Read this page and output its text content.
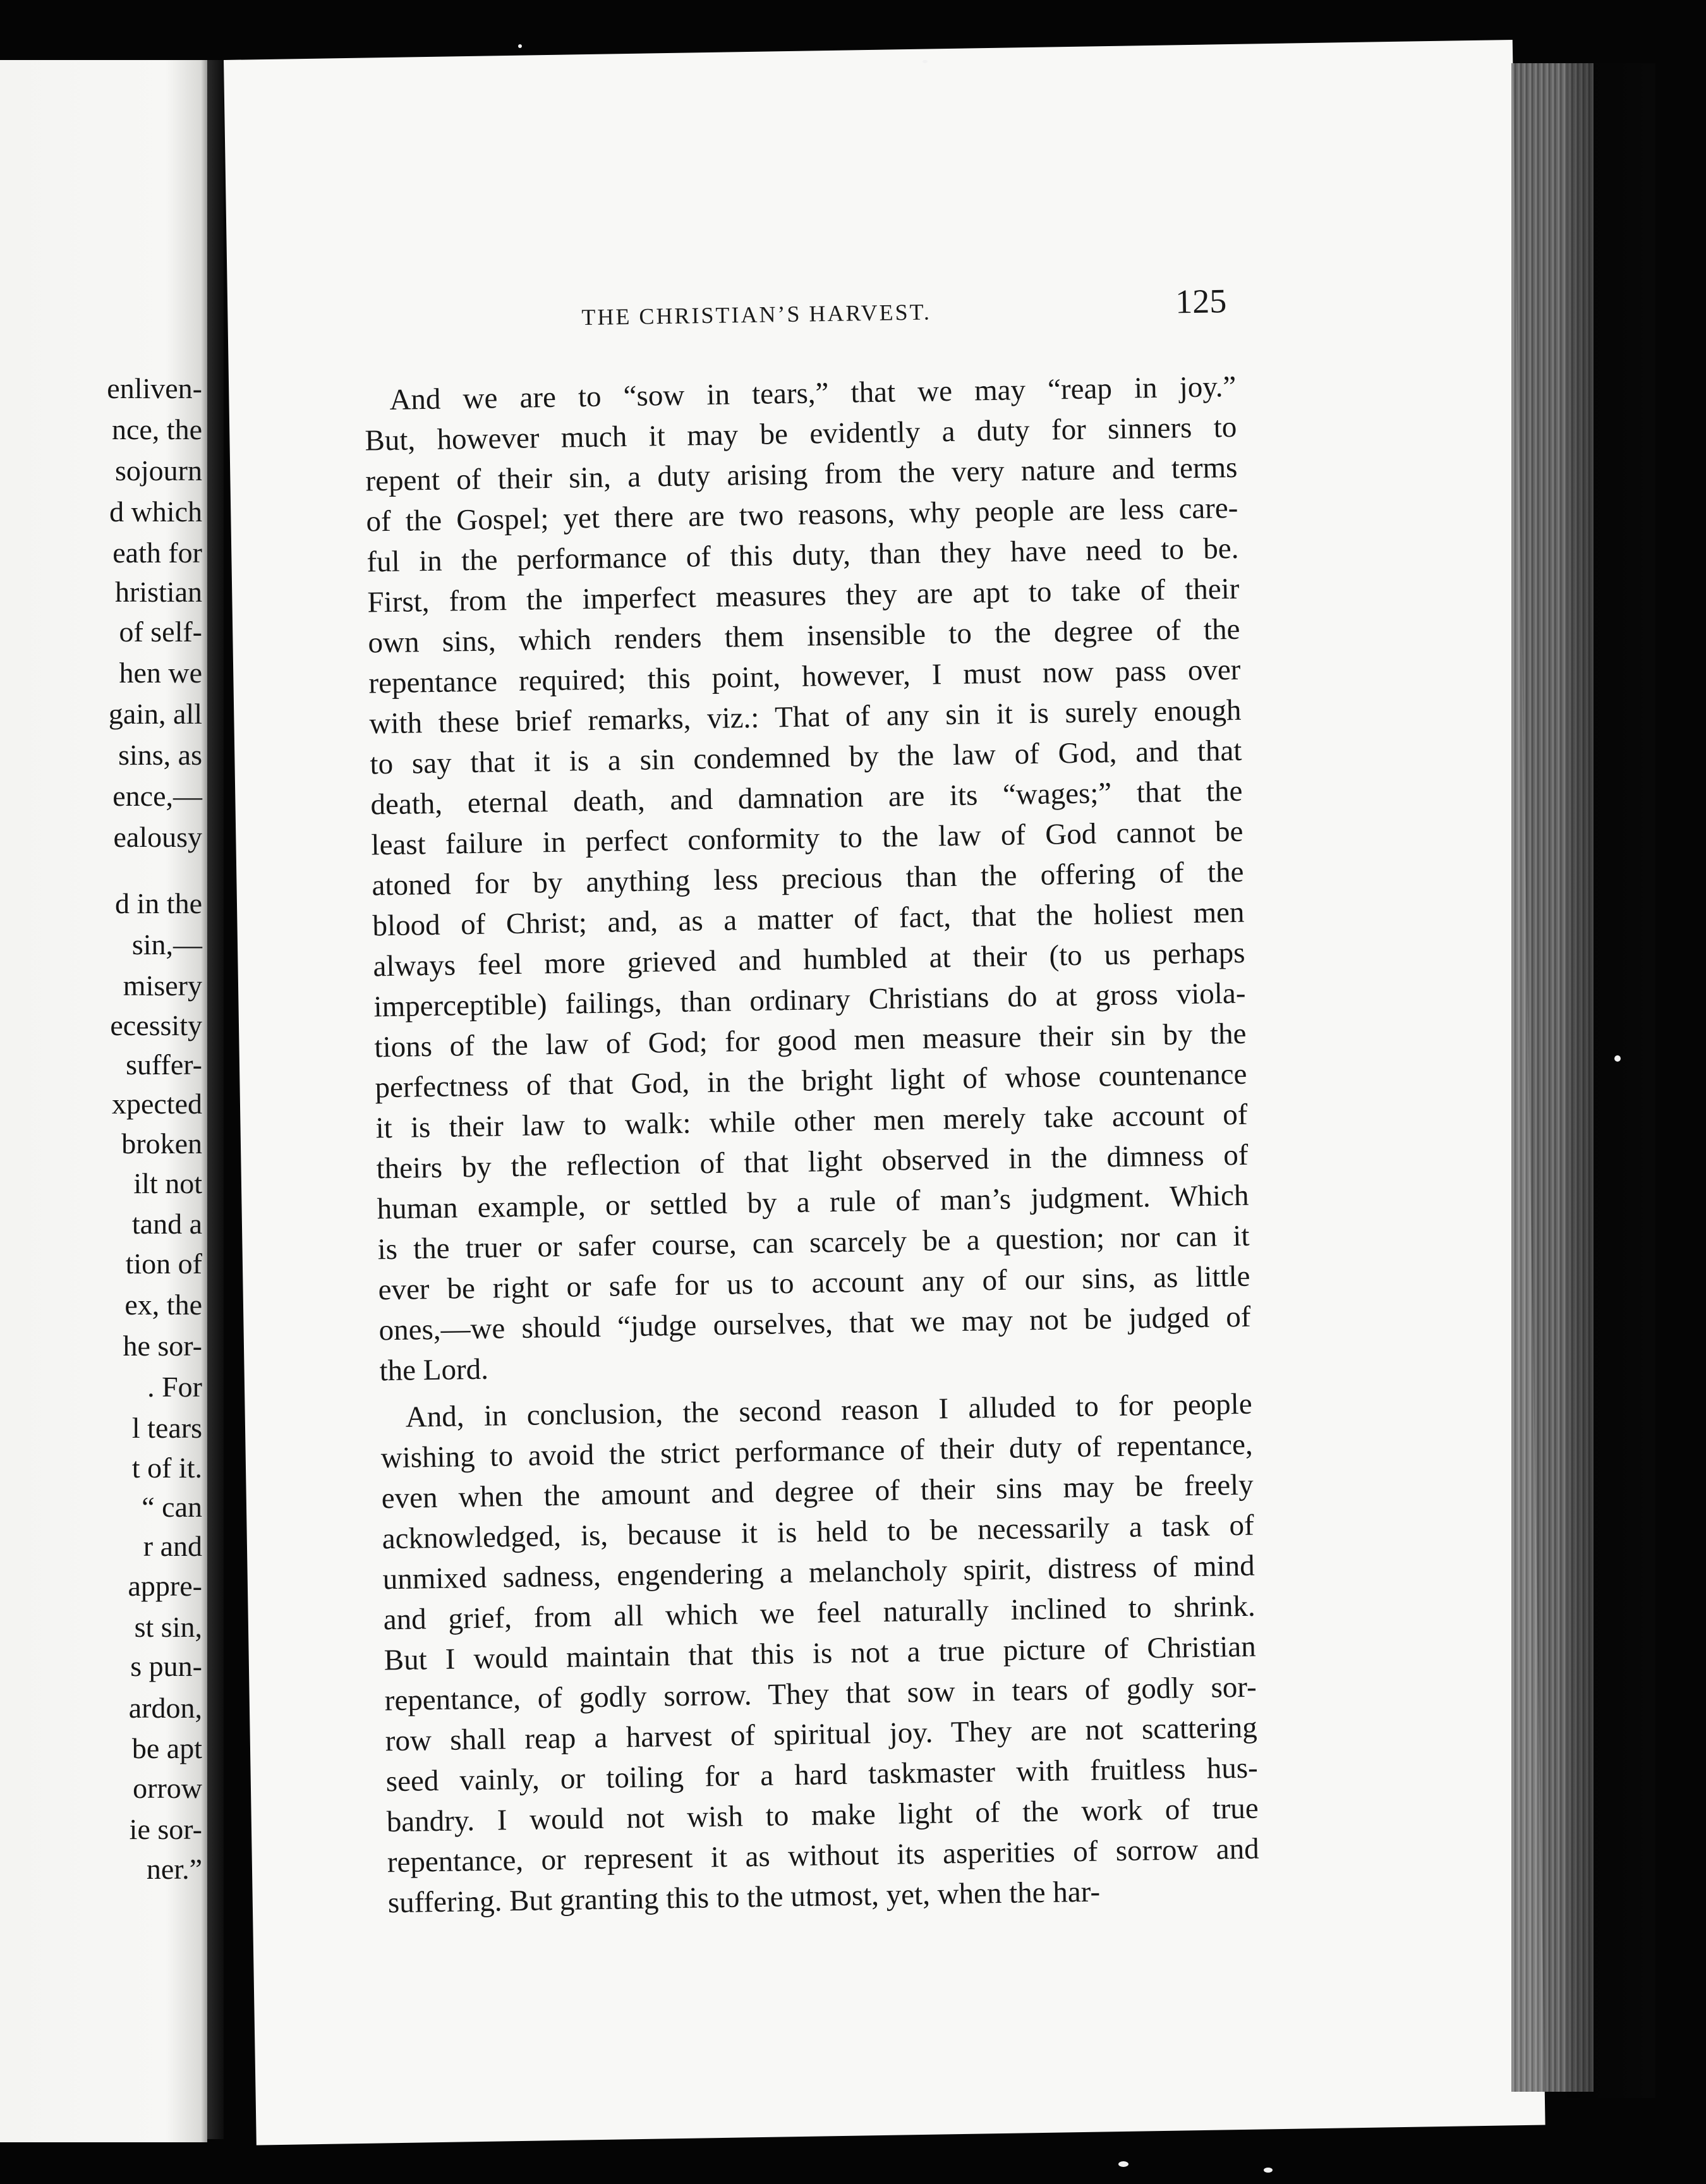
enliven-
nce, the
sojourn
d which
eath for
hristian
of self-
hen we
gain, all
sins, as
ence,—
ealousy
d in the
sin,—
misery
ecessity
suffer-
xpected
broken
ilt not
tand a
tion of
ex, the
he sor-
. For
l tears
t of it.
“ can
r and
appre-
st sin,
s pun-
ardon,
be apt
orrow
ie sor-
ner.”
THE CHRISTIAN’S HARVEST.	125
And we are to “sow in tears,” that we may “reap in joy.”
But, however much it may be evidently a duty for sinners to
repent of their sin, a duty arising from the very nature and terms
of the Gospel; yet there are two reasons, why people are less care-
ful in the performance of this duty, than they have need to be.
First, from the imperfect measures they are apt to take of their
own sins, which renders them insensible to the degree of the
repentance required; this point, however, I must now pass over
with these brief remarks, viz.: That of any sin it is surely enough
to say that it is a sin condemned by the law of God, and that
death, eternal death, and damnation are its “wages;” that the
least failure in perfect conformity to the law of God cannot be
atoned for by anything less precious than the offering of the
blood of Christ; and, as a matter of fact, that the holiest men
always feel more grieved and humbled at their (to us perhaps
imperceptible) failings, than ordinary Christians do at gross viola-
tions of the law of God; for good men measure their sin by the
perfectness of that God, in the bright light of whose countenance
it is their law to walk: while other men merely take account of
theirs by the reflection of that light observed in the dimness of
human example, or settled by a rule of man’s judgment. Which
is the truer or safer course, can scarcely be a question; nor can it
ever be right or safe for us to account any of our sins, as little
ones,—we should “judge ourselves, that we may not be judged of
the Lord.
And, in conclusion, the second reason I alluded to for people
wishing to avoid the strict performance of their duty of repentance,
even when the amount and degree of their sins may be freely
acknowledged, is, because it is held to be necessarily a task of
unmixed sadness, engendering a melancholy spirit, distress of mind
and grief, from all which we feel naturally inclined to shrink.
But I would maintain that this is not a true picture of Christian
repentance, of godly sorrow. They that sow in tears of godly sor-
row shall reap a harvest of spiritual joy. They are not scattering
seed vainly, or toiling for a hard taskmaster with fruitless hus-
bandry. I would not wish to make light of the work of true
repentance, or represent it as without its asperities of sorrow and
suffering. But granting this to the utmost, yet, when the har-
